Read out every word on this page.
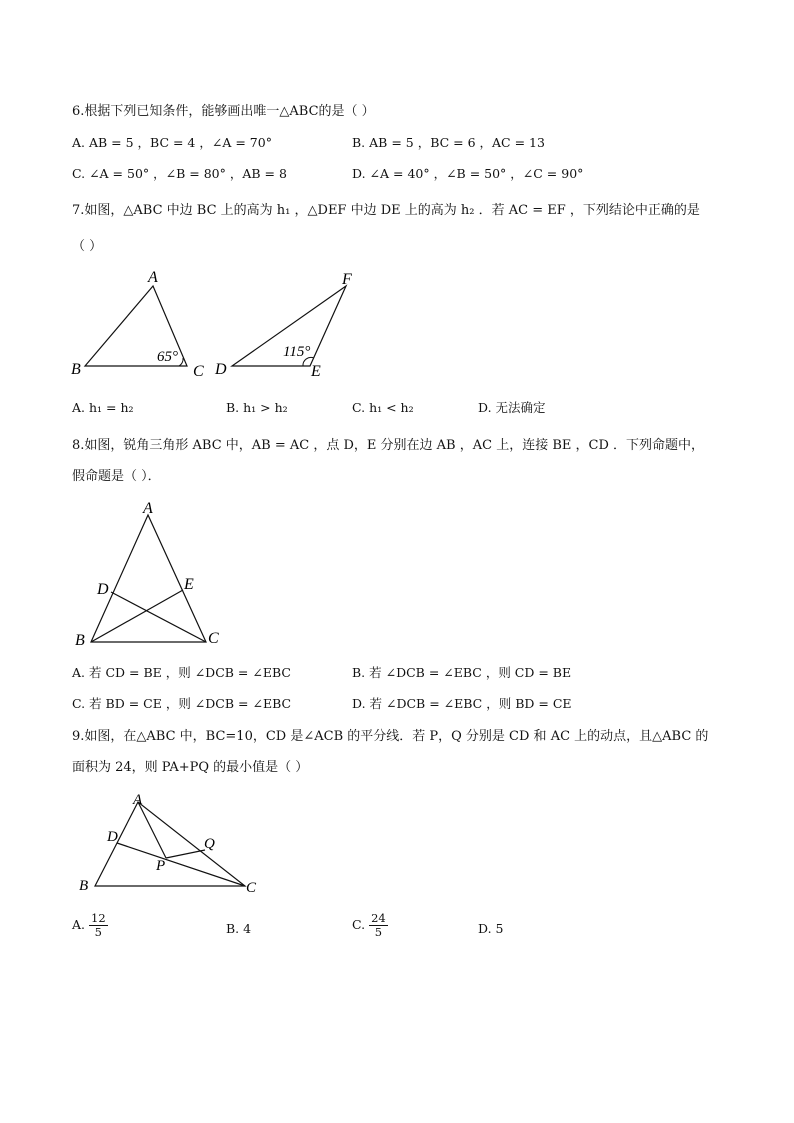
6.根据下列已知条件，能够画出唯一△ABC的是（ ）
A. AB = 5 ，BC = 4 ，∠A = 70°	B. AB = 5 ，BC = 6 ，AC = 13
C. ∠A = 50° ，∠B = 80° ，AB = 8	D. ∠A = 40° ，∠B = 50° ，∠C = 90°
7.如图，△ABC 中边 BC 上的高为 h₁ ，△DEF 中边 DE 上的高为 h₂ ．若 AC = EF ，下列结论中正确的是
（ ）
A
B	C
65°
D	E
F
115°
A. h₁ = h₂	B. h₁ > h₂	C. h₁ < h₂	D. 无法确定
8.如图，锐角三角形 ABC 中，AB = AC ，点 D，E 分别在边 AB ，AC 上，连接 BE ，CD ．下列命题中，
假命题是（ ）．
A
B	C
D	E
A. 若 CD = BE ，则 ∠DCB = ∠EBC	B. 若 ∠DCB = ∠EBC ，则 CD = BE
C. 若 BD = CE ，则 ∠DCB = ∠EBC	D. 若 ∠DCB = ∠EBC ，则 BD = CE
9.如图，在△ABC 中，BC=10，CD 是∠ACB 的平分线．若 P，Q 分别是 CD 和 AC 上的动点，且△ABC 的
面积为 24，则 PA+PQ 的最小值是（ ）
A
B	C
D
P
Q
A. $\frac{12}{5}$	B. 4	C. $\frac{24}{5}$	D. 5
